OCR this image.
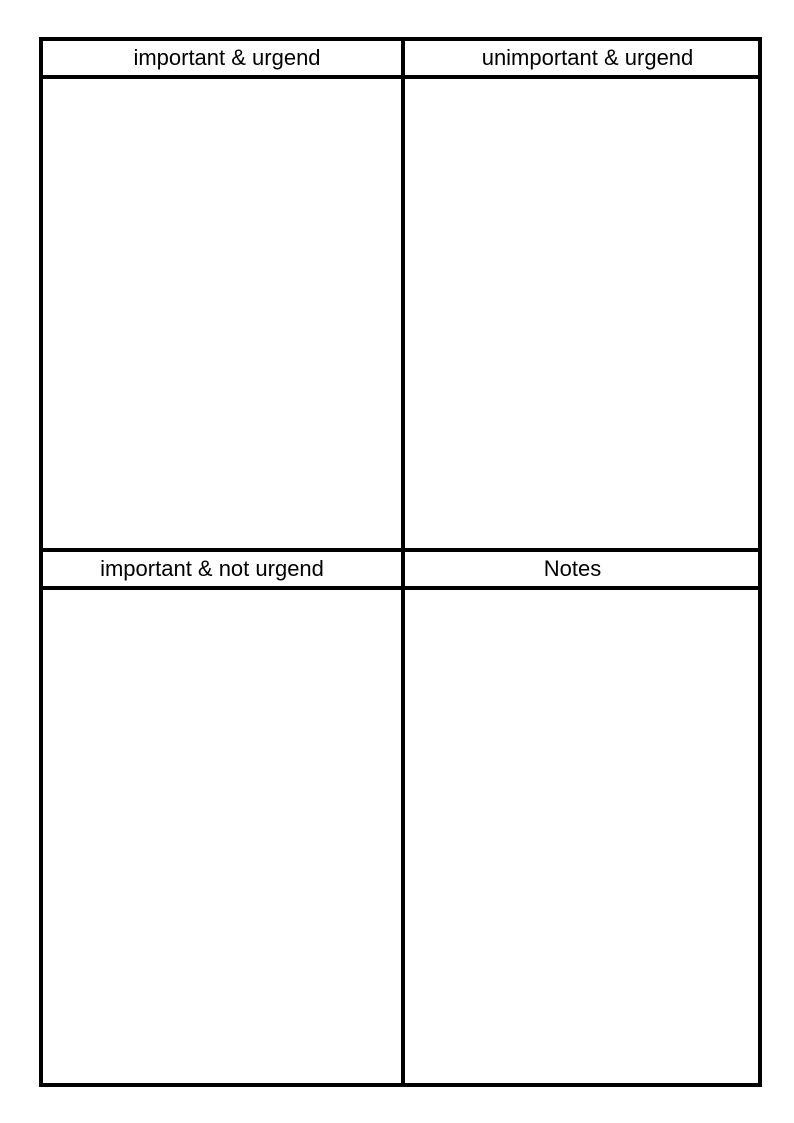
important & urgend	unimportant & urgend
important & not urgend	Notes
